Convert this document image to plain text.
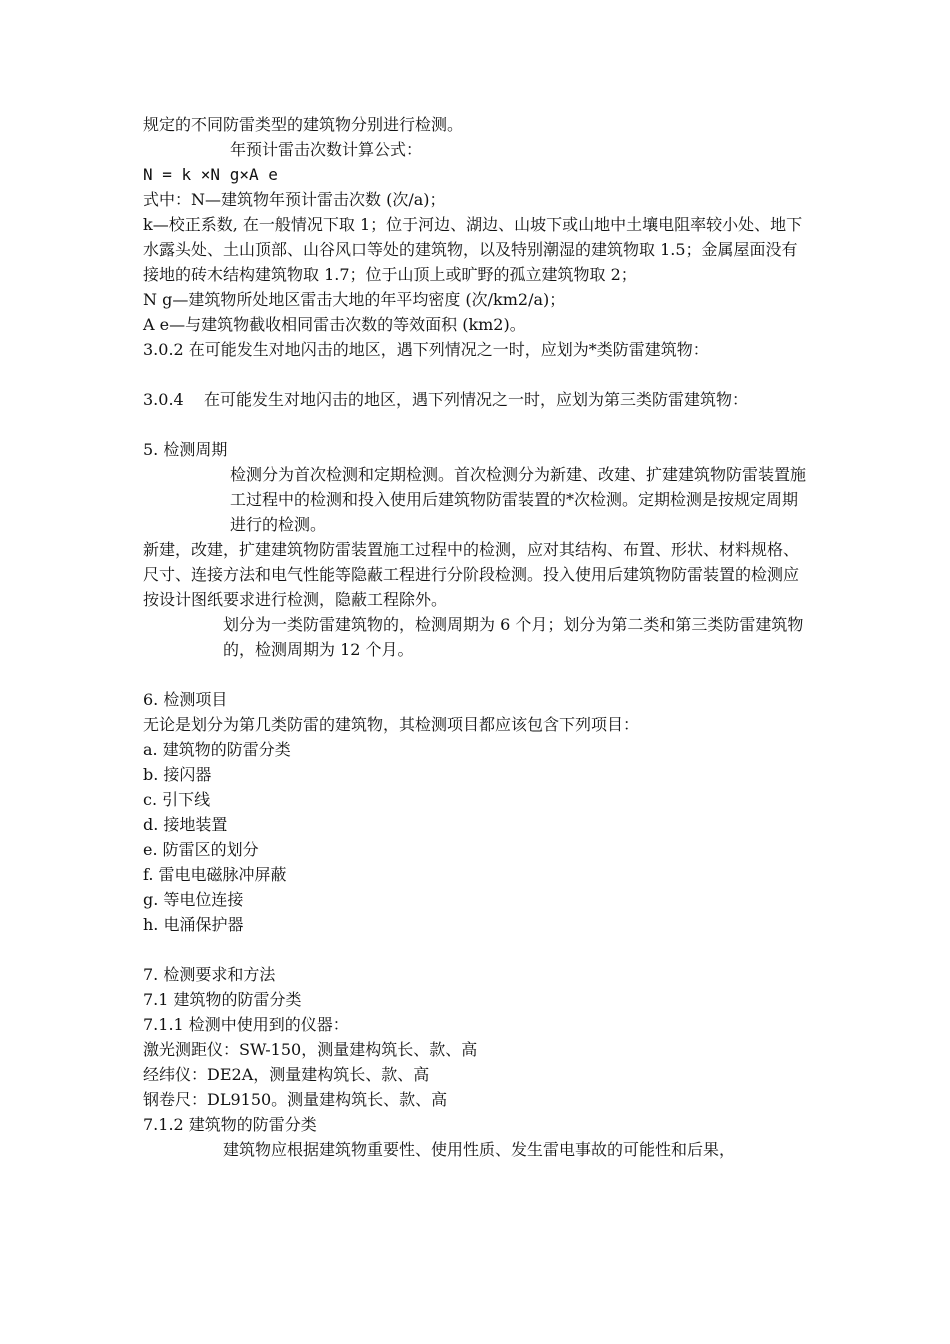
规定的不同防雷类型的建筑物分别进行检测。

年预计雷击次数计算公式：

N = k ×N g×A e

式中：N—建筑物年预计雷击次数 (次/a)；

k—校正系数, 在一般情况下取 1；位于河边、湖边、山坡下或山地中土壤电阻率较小处、地下水露头处、土山顶部、山谷风口等处的建筑物，以及特别潮湿的建筑物取 1.5；金属屋面没有接地的砖木结构建筑物取 1.7；位于山顶上或旷野的孤立建筑物取 2；

N g—建筑物所处地区雷击大地的年平均密度 (次/km2/a)；

A e—与建筑物截收相同雷击次数的等效面积 (km2)。

3.0.2 在可能发生对地闪击的地区，遇下列情况之一时，应划为*类防雷建筑物：

3.0.4    在可能发生对地闪击的地区，遇下列情况之一时，应划为第三类防雷建筑物：

5. 检测周期

检测分为首次检测和定期检测。首次检测分为新建、改建、扩建建筑物防雷装置施工过程中的检测和投入使用后建筑物防雷装置的*次检测。定期检测是按规定周期进行的检测。

新建，改建，扩建建筑物防雷装置施工过程中的检测，应对其结构、布置、形状、材料规格、尺寸、连接方法和电气性能等隐蔽工程进行分阶段检测。投入使用后建筑物防雷装置的检测应按设计图纸要求进行检测，隐蔽工程除外。

划分为一类防雷建筑物的，检测周期为 6 个月；划分为第二类和第三类防雷建筑物的，检测周期为 12 个月。

6. 检测项目

无论是划分为第几类防雷的建筑物，其检测项目都应该包含下列项目：

a. 建筑物的防雷分类

b. 接闪器

c. 引下线

d. 接地装置

e. 防雷区的划分

f. 雷电电磁脉冲屏蔽

g. 等电位连接

h. 电涌保护器

7. 检测要求和方法

7.1 建筑物的防雷分类

7.1.1 检测中使用到的仪器：

激光测距仪：SW-150，测量建构筑长、款、高

经纬仪：DE2A，测量建构筑长、款、高

钢卷尺：DL9150。测量建构筑长、款、高

7.1.2 建筑物的防雷分类

建筑物应根据建筑物重要性、使用性质、发生雷电事故的可能性和后果，
